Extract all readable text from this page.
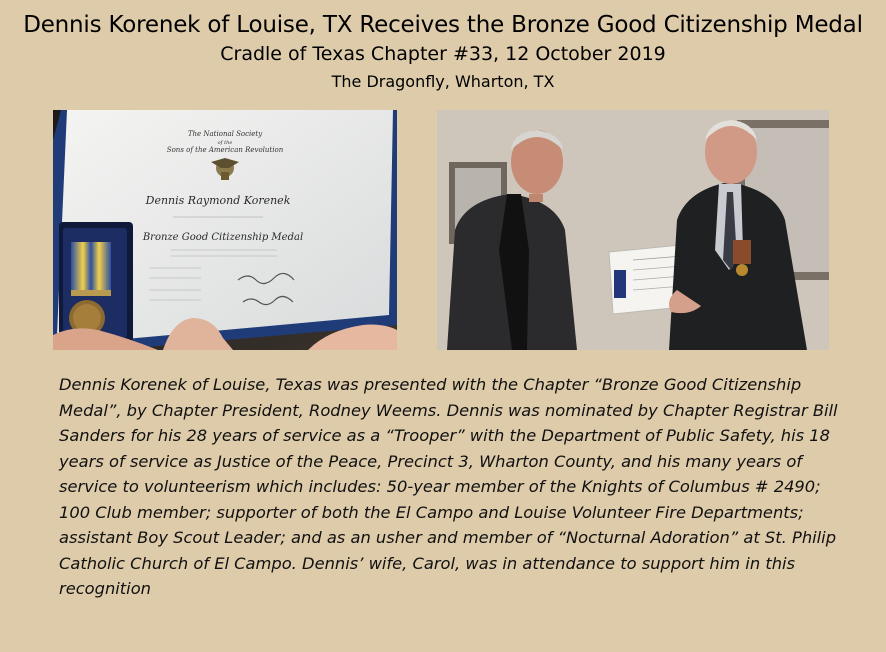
Dennis Korenek of Louise, TX Receives the Bronze Good Citizenship Medal
Cradle of Texas Chapter #33, 12 October 2019
The Dragonfly, Wharton, TX
The National Society
of the
Sons of the American Revolution
Dennis Raymond Korenek
Bronze Good Citizenship Medal
Dennis Korenek of Louise, Texas was presented with the Chapter “Bronze Good Citizenship Medal”, by Chapter President, Rodney Weems. Dennis was nominated by Chapter Registrar Bill Sanders for his 28 years of service as a “Trooper” with the Department of Public Safety, his 18 years of service as Justice of the Peace, Precinct 3, Wharton County, and his many years of service to volunteerism which includes: 50-year member of the Knights of Columbus # 2490; 100 Club member; supporter of both the El Campo and Louise Volunteer Fire Departments; assistant Boy Scout Leader; and as an usher and member of “Nocturnal Adoration” at St. Philip Catholic Church of El Campo. Dennis’ wife, Carol, was in attendance to support him in this recognition
